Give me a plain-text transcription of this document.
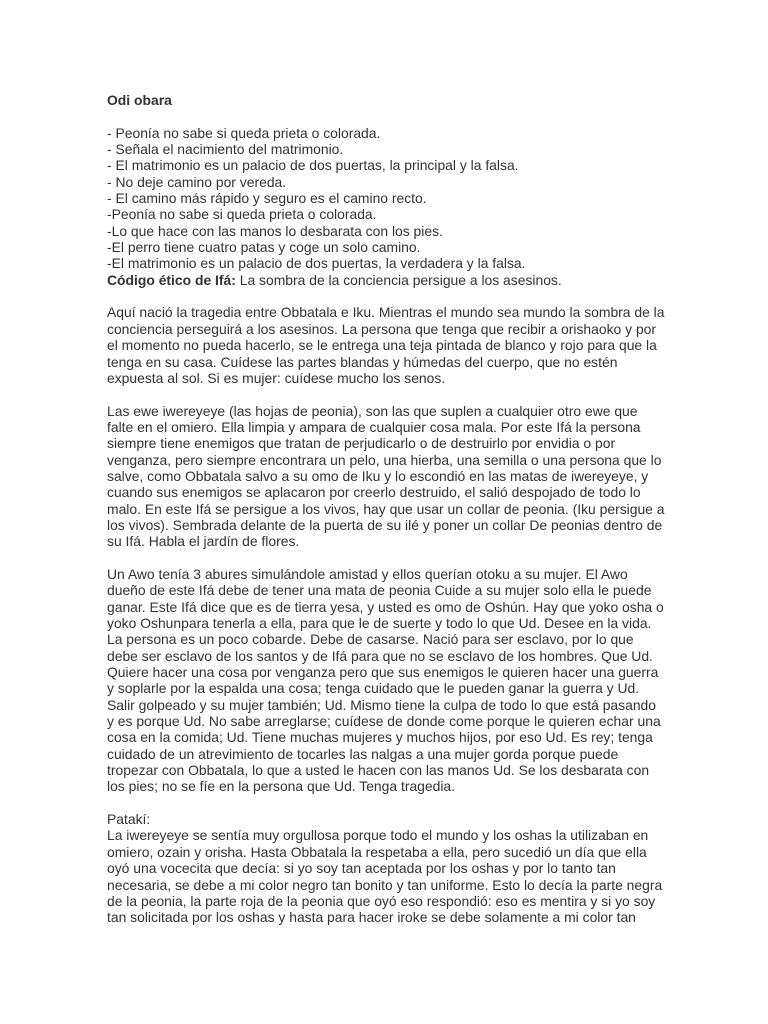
Odi obara
- Peonía no sabe si queda prieta o colorada.
- Señala el nacimiento del matrimonio.
- El matrimonio es un palacio de dos puertas, la principal y la falsa.
- No deje camino por vereda.
- El camino más rápido y seguro es el camino recto.
-Peonía no sabe si queda prieta o colorada.
-Lo que hace con las manos lo desbarata con los pies.
-El perro tiene cuatro patas y coge un solo camino.
-El matrimonio es un palacio de dos puertas, la verdadera y la falsa.
Código ético de Ifá: La sombra de la conciencia persigue a los asesinos.
Aquí nació la tragedia entre Obbatala e Iku. Mientras el mundo sea mundo la sombra de la
conciencia perseguirá a los asesinos. La persona que tenga que recibir a orishaoko y por
el momento no pueda hacerlo, se le entrega una teja pintada de blanco y rojo para que la
tenga en su casa. Cuídese las partes blandas y húmedas del cuerpo, que no estén
expuesta al sol. Si es mujer: cuídese mucho los senos.
Las ewe iwereyeye (las hojas de peonia), son las que suplen a cualquier otro ewe que
falte en el omiero. Ella limpia y ampara de cualquier cosa mala. Por este Ifá la persona
siempre tiene enemigos que tratan de perjudicarlo o de destruirlo por envidia o por
venganza, pero siempre encontrara un pelo, una hierba, una semilla o una persona que lo
salve, como Obbatala salvo a su omo de Iku y lo escondió en las matas de iwereyeye, y
cuando sus enemigos se aplacaron por creerlo destruido, el salió despojado de todo lo
malo. En este Ifá se persigue a los vivos, hay que usar un collar de peonia. (Iku persigue a
los vivos). Sembrada delante de la puerta de su ilé y poner un collar De peonias dentro de
su Ifá. Habla el jardín de flores.
Un Awo tenía 3 abures simulándole amistad y ellos querían otoku a su mujer. El Awo
dueño de este Ifá debe de tener una mata de peonia Cuide a su mujer solo ella le puede
ganar. Este Ifá dice que es de tierra yesa, y usted es omo de Oshún. Hay que yoko osha o
yoko Oshunpara tenerla a ella, para que le de suerte y todo lo que Ud. Desee en la vida.
La persona es un poco cobarde. Debe de casarse. Nació para ser esclavo, por lo que
debe ser esclavo de los santos y de Ifá para que no se esclavo de los hombres. Que Ud.
Quiere hacer una cosa por venganza pero que sus enemigos le quieren hacer una guerra
y soplarle por la espalda una cosa; tenga cuidado que le pueden ganar la guerra y Ud.
Salir golpeado y su mujer también; Ud. Mismo tiene la culpa de todo lo que está pasando
y es porque Ud. No sabe arreglarse; cuídese de donde come porque le quieren echar una
cosa en la comida; Ud. Tiene muchas mujeres y muchos hijos, por eso Ud. Es rey; tenga
cuidado de un atrevimiento de tocarles las nalgas a una mujer gorda porque puede
tropezar con Obbatala, lo que a usted le hacen con las manos Ud. Se los desbarata con
los pies; no se fíe en la persona que Ud. Tenga tragedia.
Patakí:
La iwereyeye se sentía muy orgullosa porque todo el mundo y los oshas la utilizaban en
omiero, ozain y orisha. Hasta Obbatala la respetaba a ella, pero sucedió un día que ella
oyó una vocecita que decía: si yo soy tan aceptada por los oshas y por lo tanto tan
necesaria, se debe a mi color negro tan bonito y tan uniforme. Esto lo decía la parte negra
de la peonia, la parte roja de la peonia que oyó eso respondió: eso es mentira y si yo soy
tan solicitada por los oshas y hasta para hacer iroke se debe solamente a mi color tan
